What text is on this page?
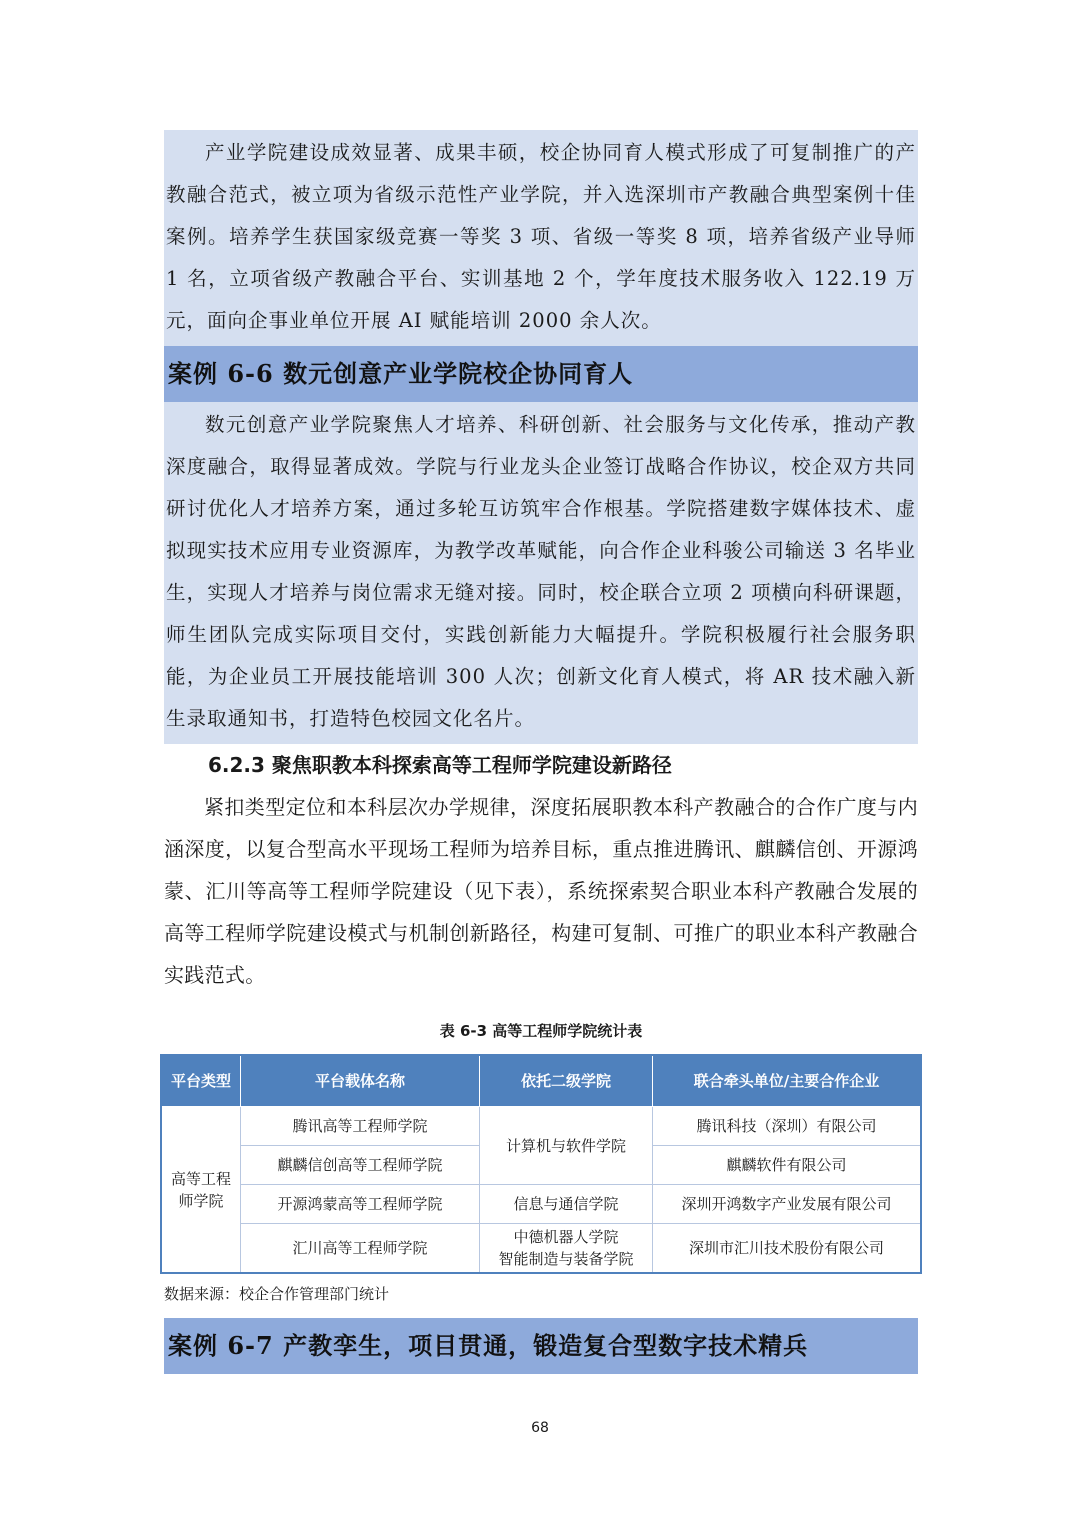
产业学院建设成效显著、成果丰硕，校企协同育人模式形成了可复制推广的产教融合范式，被立项为省级示范性产业学院，并入选深圳市产教融合典型案例十佳案例。培养学生获国家级竞赛一等奖 3 项、省级一等奖 8 项，培养省级产业导师 1 名，立项省级产教融合平台、实训基地 2 个，学年度技术服务收入 122.19 万元，面向企事业单位开展 AI 赋能培训 2000 余人次。
案例 6-6 数元创意产业学院校企协同育人
数元创意产业学院聚焦人才培养、科研创新、社会服务与文化传承，推动产教深度融合，取得显著成效。学院与行业龙头企业签订战略合作协议，校企双方共同研讨优化人才培养方案，通过多轮互访筑牢合作根基。学院搭建数字媒体技术、虚拟现实技术应用专业资源库，为教学改革赋能，向合作企业科骏公司输送 3 名毕业生，实现人才培养与岗位需求无缝对接。同时，校企联合立项 2 项横向科研课题，师生团队完成实际项目交付，实践创新能力大幅提升。学院积极履行社会服务职能，为企业员工开展技能培训 300 人次；创新文化育人模式，将 AR 技术融入新生录取通知书，打造特色校园文化名片。
6.2.3 聚焦职教本科探索高等工程师学院建设新路径
紧扣类型定位和本科层次办学规律，深度拓展职教本科产教融合的合作广度与内涵深度，以复合型高水平现场工程师为培养目标，重点推进腾讯、麒麟信创、开源鸿蒙、汇川等高等工程师学院建设（见下表），系统探索契合职业本科产教融合发展的高等工程师学院建设模式与机制创新路径，构建可复制、可推广的职业本科产教融合实践范式。
表 6-3 高等工程师学院统计表
平台类型	平台载体名称	依托二级学院	联合牵头单位/主要合作企业
高等工程师学院	腾讯高等工程师学院	计算机与软件学院	腾讯科技（深圳）有限公司
	麒麟信创高等工程师学院		麒麟软件有限公司
	开源鸿蒙高等工程师学院	信息与通信学院	深圳开鸿数字产业发展有限公司
	汇川高等工程师学院	中德机器人学院
智能制造与装备学院	深圳市汇川技术股份有限公司
数据来源：校企合作管理部门统计
案例 6-7 产教孪生，项目贯通，锻造复合型数字技术精兵
68
